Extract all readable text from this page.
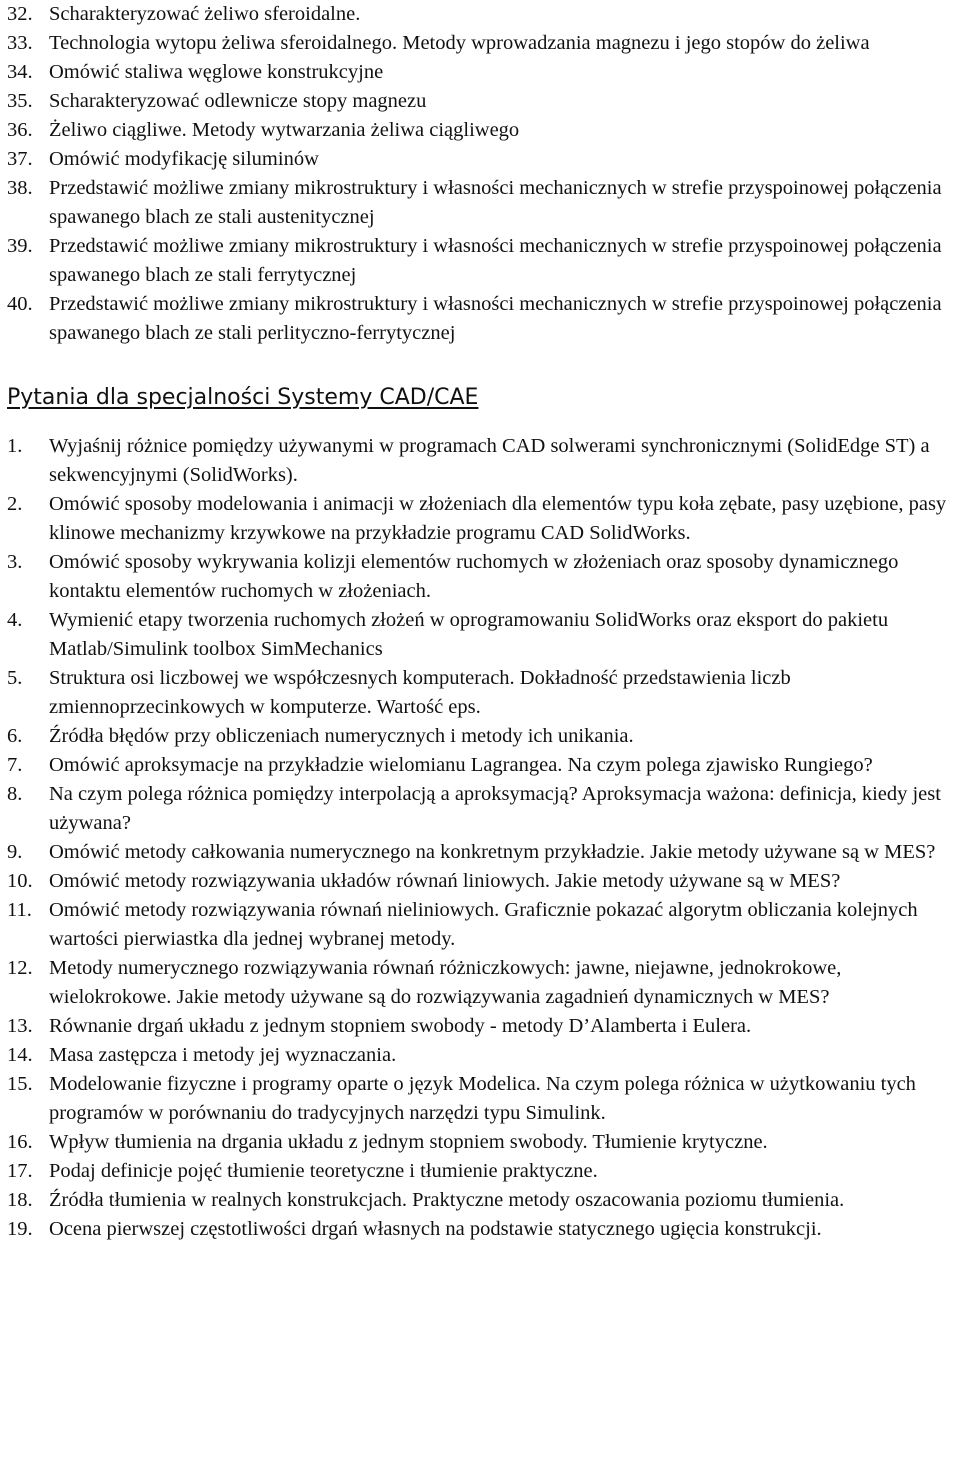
32. Scharakteryzować żeliwo sferoidalne.
33. Technologia wytopu żeliwa sferoidalnego. Metody wprowadzania magnezu i jego stopów do żeliwa
34. Omówić staliwa węglowe konstrukcyjne
35. Scharakteryzować odlewnicze stopy magnezu
36. Żeliwo ciągliwe. Metody wytwarzania żeliwa ciągliwego
37. Omówić modyfikację siluminów
38. Przedstawić możliwe zmiany mikrostruktury i własności mechanicznych w strefie przyspoinowej połączenia spawanego blach ze stali austenitycznej
39. Przedstawić możliwe zmiany mikrostruktury i własności mechanicznych w strefie przyspoinowej połączenia spawanego blach ze stali ferrytycznej
40. Przedstawić możliwe zmiany mikrostruktury i własności mechanicznych w strefie przyspoinowej połączenia spawanego blach ze stali perlityczno-ferrytycznej
Pytania dla specjalności Systemy CAD/CAE
1. Wyjaśnij różnice pomiędzy używanymi w programach CAD solwerami synchronicznymi (SolidEdge ST) a sekwencyjnymi (SolidWorks).
2. Omówić sposoby modelowania i animacji w złożeniach dla elementów typu koła zębate, pasy uzębione, pasy klinowe mechanizmy krzywkowe na przykładzie programu CAD SolidWorks.
3. Omówić sposoby wykrywania kolizji elementów ruchomych w złożeniach oraz sposoby dynamicznego kontaktu elementów ruchomych w złożeniach.
4. Wymienić etapy tworzenia ruchomych złożeń w oprogramowaniu SolidWorks oraz eksport do pakietu Matlab/Simulink toolbox SimMechanics
5. Struktura osi liczbowej we współczesnych komputerach. Dokładność przedstawienia liczb zmiennoprzecinkowych w komputerze. Wartość eps.
6. Źródła błędów przy obliczeniach numerycznych i metody ich unikania.
7. Omówić aproksymacje na przykładzie wielomianu Lagrangea. Na czym polega zjawisko Rungiego?
8. Na czym polega różnica pomiędzy interpolacją a aproksymacją? Aproksymacja ważona: definicja, kiedy jest używana?
9. Omówić metody całkowania numerycznego na konkretnym przykładzie. Jakie metody używane są w MES?
10. Omówić metody rozwiązywania układów równań liniowych. Jakie metody używane są w MES?
11. Omówić metody rozwiązywania równań nieliniowych. Graficznie pokazać algorytm obliczania kolejnych wartości pierwiastka dla jednej wybranej metody.
12. Metody numerycznego rozwiązywania równań różniczkowych: jawne, niejawne, jednokrokowe, wielokrokowe. Jakie metody używane są do rozwiązywania zagadnień dynamicznych w MES?
13. Równanie drgań układu z jednym stopniem swobody - metody D’Alamberta i Eulera.
14. Masa zastępcza i metody jej wyznaczania.
15. Modelowanie fizyczne i programy oparte o język Modelica. Na czym polega różnica w użytkowaniu tych programów w porównaniu do tradycyjnych narzędzi typu Simulink.
16. Wpływ tłumienia na drgania układu z jednym stopniem swobody. Tłumienie krytyczne.
17. Podaj definicje pojęć tłumienie teoretyczne i tłumienie praktyczne.
18. Źródła tłumienia w realnych konstrukcjach. Praktyczne metody oszacowania poziomu tłumienia.
19. Ocena pierwszej częstotliwości drgań własnych na podstawie statycznego ugięcia konstrukcji.
